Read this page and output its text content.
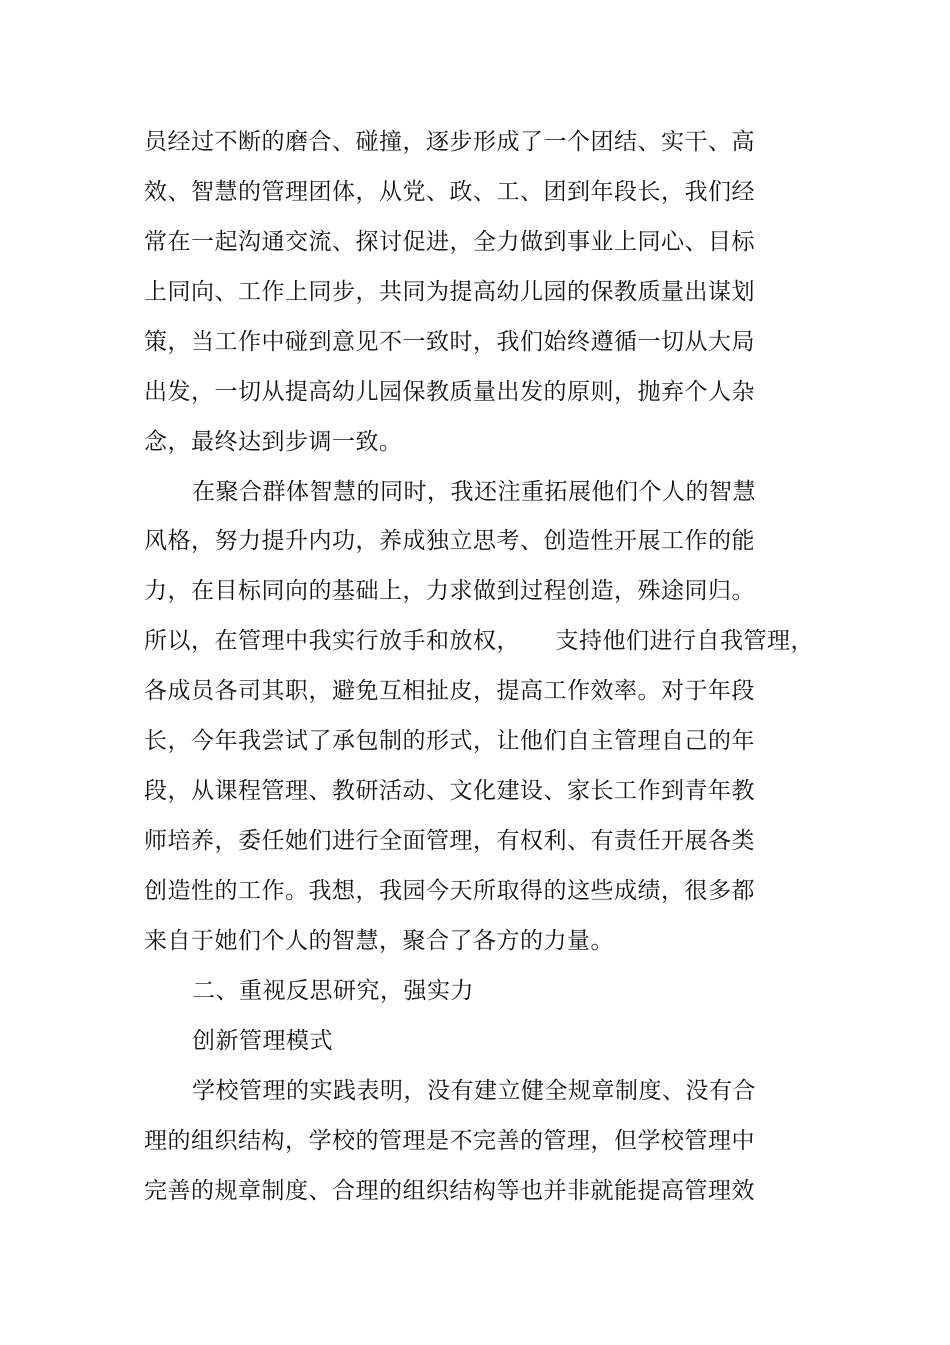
员经过不断的磨合、碰撞，逐步形成了一个团结、实干、高
效、智慧的管理团体，从党、政、工、团到年段长，我们经
常在一起沟通交流、探讨促进，全力做到事业上同心、目标
上同向、工作上同步，共同为提高幼儿园的保教质量出谋划
策，当工作中碰到意见不一致时，我们始终遵循一切从大局
出发，一切从提高幼儿园保教质量出发的原则，抛弃个人杂
念，最终达到步调一致。
在聚合群体智慧的同时，我还注重拓展他们个人的智慧
风格，努力提升内功，养成独立思考、创造性开展工作的能
力，在目标同向的基础上，力求做到过程创造，殊途同归。
所以，在管理中我实行放手和放权，　　支持他们进行自我管理，
各成员各司其职，避免互相扯皮，提高工作效率。对于年段
长，今年我尝试了承包制的形式，让他们自主管理自己的年
段，从课程管理、教研活动、文化建设、家长工作到青年教
师培养，委任她们进行全面管理，有权利、有责任开展各类
创造性的工作。我想，我园今天所取得的这些成绩，很多都
来自于她们个人的智慧，聚合了各方的力量。
二、重视反思研究，强实力
创新管理模式
学校管理的实践表明，没有建立健全规章制度、没有合
理的组织结构，学校的管理是不完善的管理，但学校管理中
完善的规章制度、合理的组织结构等也并非就能提高管理效
